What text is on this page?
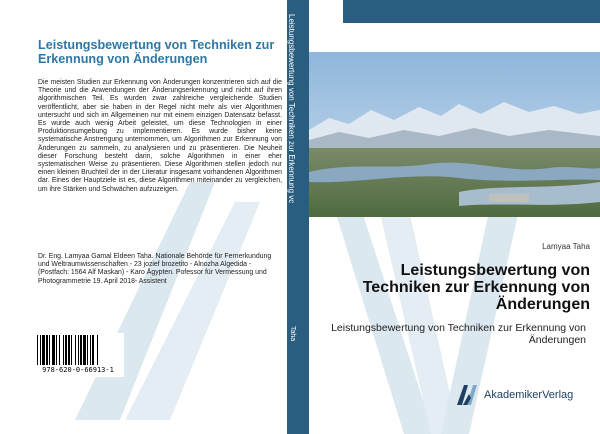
Leistungsbewertung von Techniken zur Erkennung von Änderungen
Die meisten Studien zur Erkennung von Änderungen konzentrieren sich auf die Theorie und die Anwendungen der Änderungserkennung und nicht auf ihren algorithmischen Teil. Es wurden zwar zahlreiche vergleichende Studien veröffentlicht, aber sie haben in der Regel nicht mehr als vier Algorithmen untersucht und sich im Allgemeinen nur mit einem einzigen Datensatz befasst. Es wurde auch wenig Arbeit geleistet, um diese Technologien in einer Produktionsumgebung zu implementieren. Es wurde bisher keine systematische Anstrengung unternommen, um Algorithmen zur Erkennung von Änderungen zu sammeln, zu analysieren und zu präsentieren. Die Neuheit dieser Forschung besteht darin, solche Algorithmen in einer eher systematischen Weise zu präsentieren. Diese Algorithmen stellen jedoch nur einen kleinen Bruchteil der in der Literatur insgesamt vorhandenen Algorithmen dar. Eines der Hauptziele ist es, diese Algorithmen miteinander zu vergleichen, um ihre Stärken und Schwächen aufzuzeigen.
Dr. Eng. Lamyaa Gamal Eldeen Taha. Nationale Behörde für Fernerkundung und Weltraumwissenschaften - 23 jozief brozetito - Alnozha Algedida - (Postfach: 1564 Alf Maskan) - Karo Ägypten. Pofessor für Vermessung und Photogrammetrie 19. April 2018- Assistent
978-620-0-66913-1
Leistungsbewertung von Techniken zur Erkennung vc
Taha
Lamyaa Taha
Leistungsbewertung von Techniken zur Erkennung von Änderungen
Leistungsbewertung von Techniken zur Erkennung von Änderungen
AkademikerVerlag
